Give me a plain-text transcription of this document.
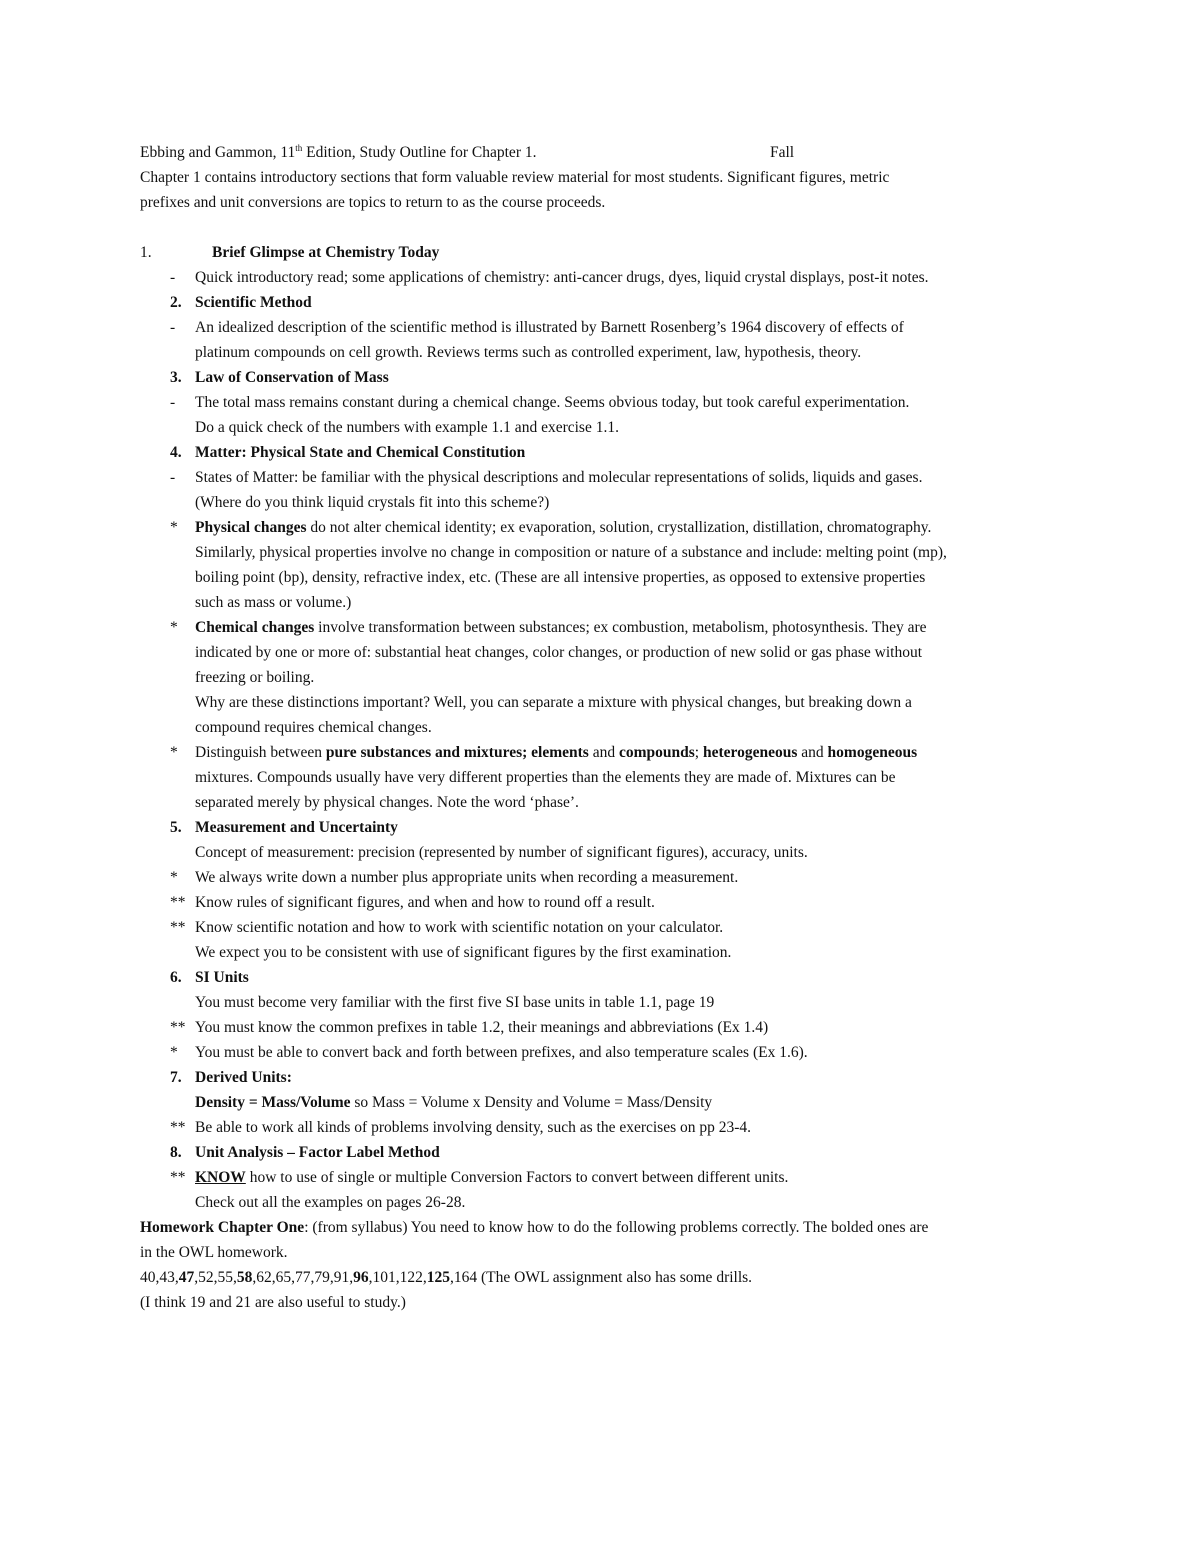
Ebbing and Gammon, 11th Edition, Study Outline for Chapter 1.	Fall
Chapter 1 contains introductory sections that form valuable review material for most students. Significant figures, metric
prefixes and unit conversions are topics to return to as the course proceeds.
1.	Brief Glimpse at Chemistry Today
-	Quick introductory read; some applications of chemistry: anti-cancer drugs, dyes, liquid crystal displays, post-it notes.
2. Scientific Method
-	An idealized description of the scientific method is illustrated by Barnett Rosenberg’s 1964 discovery of effects of
platinum compounds on cell growth. Reviews terms such as controlled experiment, law, hypothesis, theory.
3. Law of Conservation of Mass
-	The total mass remains constant during a chemical change. Seems obvious today, but took careful experimentation.
Do a quick check of the numbers with example 1.1 and exercise 1.1.
4. Matter: Physical State and Chemical Constitution
-	States of Matter: be familiar with the physical descriptions and molecular representations of solids, liquids and gases.
(Where do you think liquid crystals fit into this scheme?)
*	Physical changes do not alter chemical identity; ex evaporation, solution, crystallization, distillation, chromatography.
Similarly, physical properties involve no change in composition or nature of a substance and include: melting point (mp),
boiling point (bp), density, refractive index, etc. (These are all intensive properties, as opposed to extensive properties
such as mass or volume.)
*	Chemical changes involve transformation between substances; ex combustion, metabolism, photosynthesis. They are
indicated by one or more of: substantial heat changes, color changes, or production of new solid or gas phase without
freezing or boiling.
Why are these distinctions important? Well, you can separate a mixture with physical changes, but breaking down a
compound requires chemical changes.
*	Distinguish between pure substances and mixtures; elements and compounds; heterogeneous and homogeneous
mixtures. Compounds usually have very different properties than the elements they are made of. Mixtures can be
separated merely by physical changes. Note the word ‘phase’.
5. Measurement and Uncertainty
Concept of measurement: precision (represented by number of significant figures), accuracy, units.
*	We always write down a number plus appropriate units when recording a measurement.
** Know rules of significant figures, and when and how to round off a result.
** Know scientific notation and how to work with scientific notation on your calculator.
We expect you to be consistent with use of significant figures by the first examination.
6. SI Units
You must become very familiar with the first five SI base units in table 1.1, page 19
** You must know the common prefixes in table 1.2, their meanings and abbreviations (Ex 1.4)
*	You must be able to convert back and forth between prefixes, and also temperature scales (Ex 1.6).
7. Derived Units:
Density = Mass/Volume so Mass = Volume x Density and Volume = Mass/Density
** Be able to work all kinds of problems involving density, such as the exercises on pp 23-4.
8. Unit Analysis – Factor Label Method
** KNOW how to use of single or multiple Conversion Factors to convert between different units.
Check out all the examples on pages 26-28.
Homework Chapter One: (from syllabus) You need to know how to do the following problems correctly. The bolded ones are
in the OWL homework.
40,43,47,52,55,58,62,65,77,79,91,96,101,122,125,164 (The OWL assignment also has some drills.
(I think 19 and 21 are also useful to study.)
